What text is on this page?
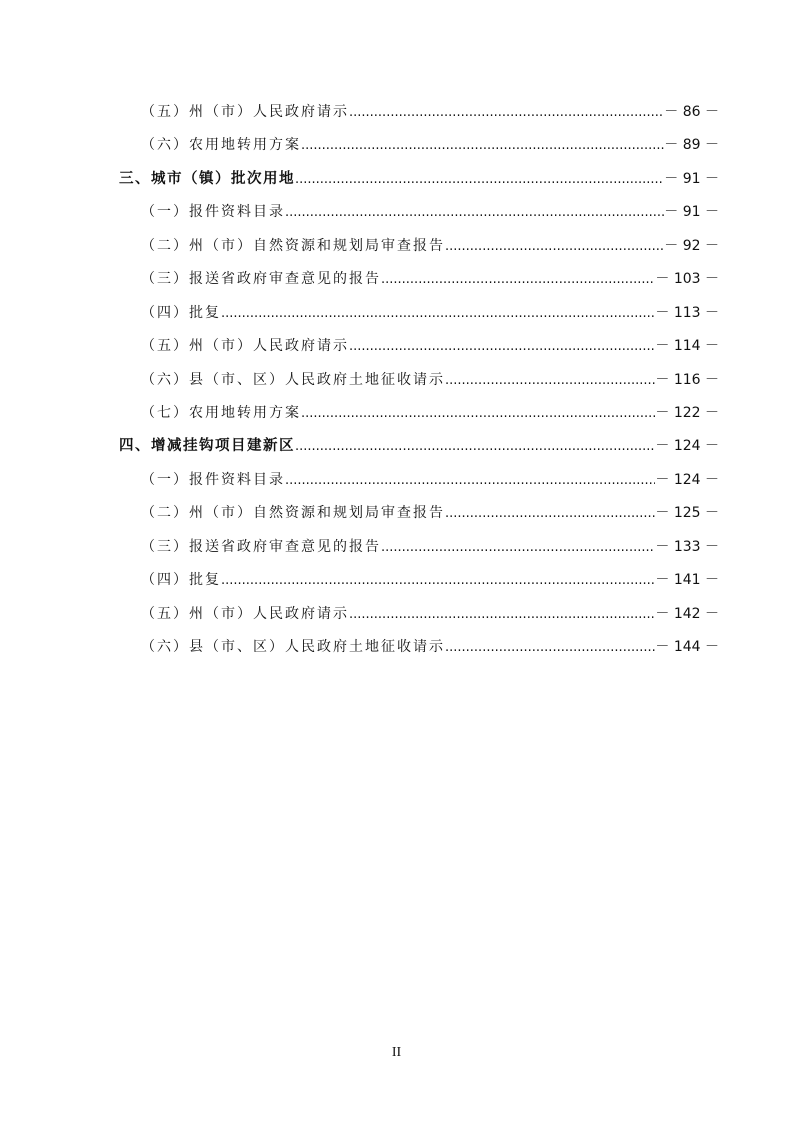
（五）州（市）人民政府请示 .....	－ 86 －
（六）农用地转用方案 .....	－ 89 －
三、城市（镇）批次用地 .....	－ 91 －
（一）报件资料目录 .....	－ 91 －
（二）州（市）自然资源和规划局审查报告 .....	－ 92 －
（三）报送省政府审查意见的报告 .....	－ 103 －
（四）批复 .....	－ 113 －
（五）州（市）人民政府请示 .....	－ 114 －
（六）县（市、区）人民政府土地征收请示 .....	－ 116 －
（七）农用地转用方案 .....	－ 122 －
四、增减挂钩项目建新区 .....	－ 124 －
（一）报件资料目录 .....	－ 124 －
（二）州（市）自然资源和规划局审查报告 .....	－ 125 －
（三）报送省政府审查意见的报告 .....	－ 133 －
（四）批复 .....	－ 141 －
（五）州（市）人民政府请示 .....	－ 142 －
（六）县（市、区）人民政府土地征收请示 .....	－ 144 －
II
